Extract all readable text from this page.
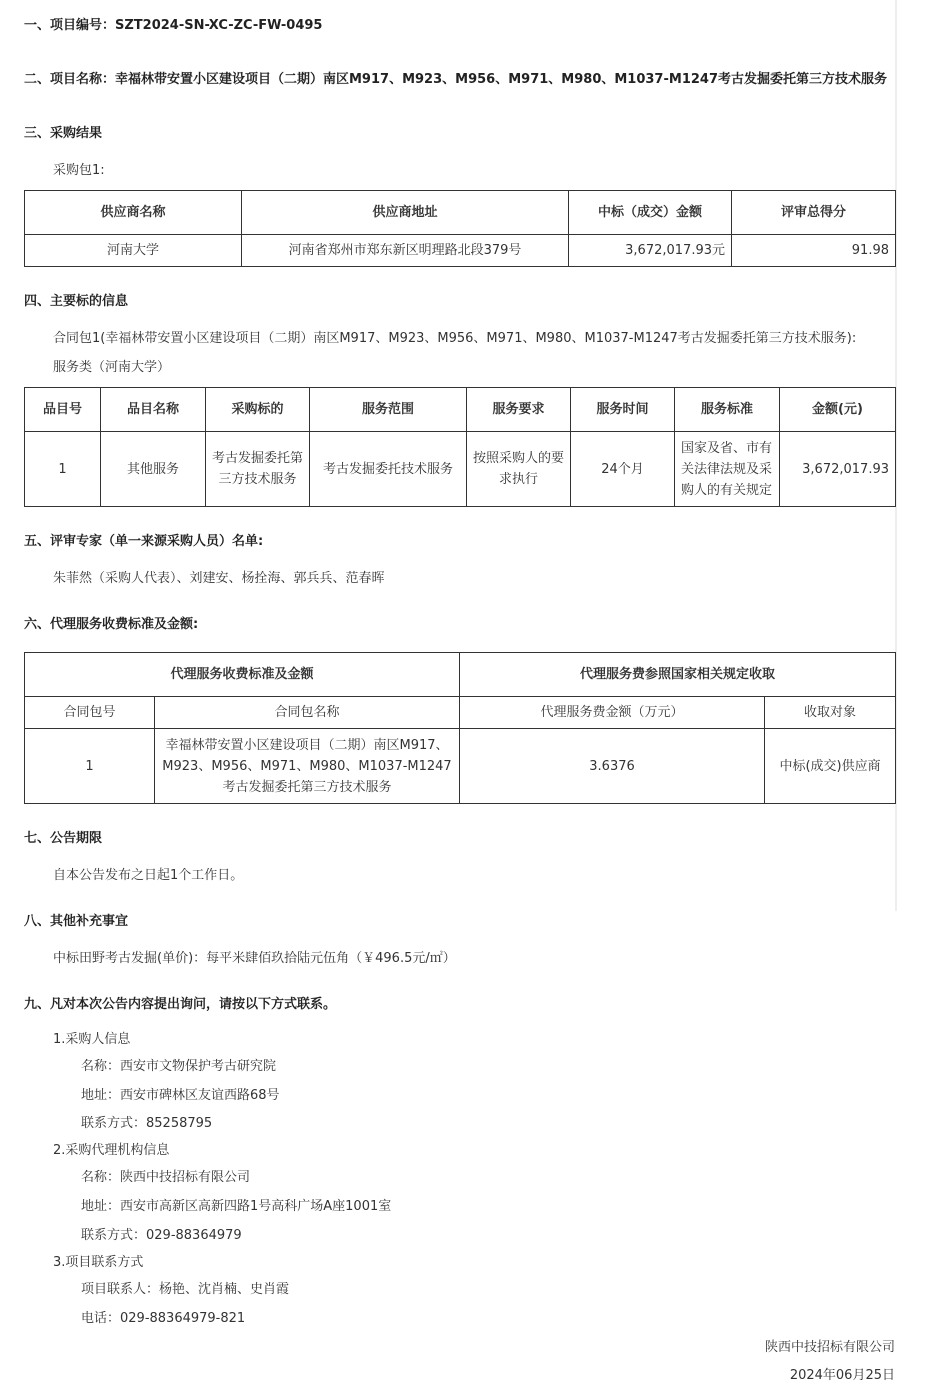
一、项目编号：SZT2024-SN-XC-ZC-FW-0495
二、项目名称：幸福林带安置小区建设项目（二期）南区M917、M923、M956、M971、M980、M1037-M1247考古发掘委托第三方技术服务
三、采购结果
采购包1:
供应商名称	供应商地址	中标（成交）金额	评审总得分
河南大学	河南省郑州市郑东新区明理路北段379号	3,672,017.93元	91.98
四、主要标的信息
合同包1(幸福林带安置小区建设项目（二期）南区M917、M923、M956、M971、M980、M1037-M1247考古发掘委托第三方技术服务):
服务类（河南大学）
品目号	品目名称	采购标的	服务范围	服务要求	服务时间	服务标准	金额(元)
1	其他服务	考古发掘委托第三方技术服务	考古发掘委托技术服务	按照采购人的要求执行	24个月	国家及省、市有关法律法规及采购人的有关规定	3,672,017.93
五、评审专家（单一来源采购人员）名单:
朱菲然（采购人代表）、刘建安、杨拴海、郭兵兵、范春晖
六、代理服务收费标准及金额:
代理服务收费标准及金额		代理服务费参照国家相关规定收取	
合同包号	合同包名称	代理服务费金额（万元）	收取对象
1	幸福林带安置小区建设项目（二期）南区M917、M923、M956、M971、M980、M1037-M1247考古发掘委托第三方技术服务	3.6376	中标(成交)供应商
七、公告期限
自本公告发布之日起1个工作日。
八、其他补充事宜
中标田野考古发掘(单价)：每平米肆佰玖拾陆元伍角（￥496.5元/㎡）
九、凡对本次公告内容提出询问，请按以下方式联系。
1.采购人信息
名称：西安市文物保护考古研究院
地址：西安市碑林区友谊西路68号
联系方式：85258795
2.采购代理机构信息
名称：陕西中技招标有限公司
地址：西安市高新区高新四路1号高科广场A座1001室
联系方式：029-88364979
3.项目联系方式
项目联系人：杨艳、沈肖楠、史肖霞
电话：029-88364979-821
陕西中技招标有限公司
2024年06月25日
